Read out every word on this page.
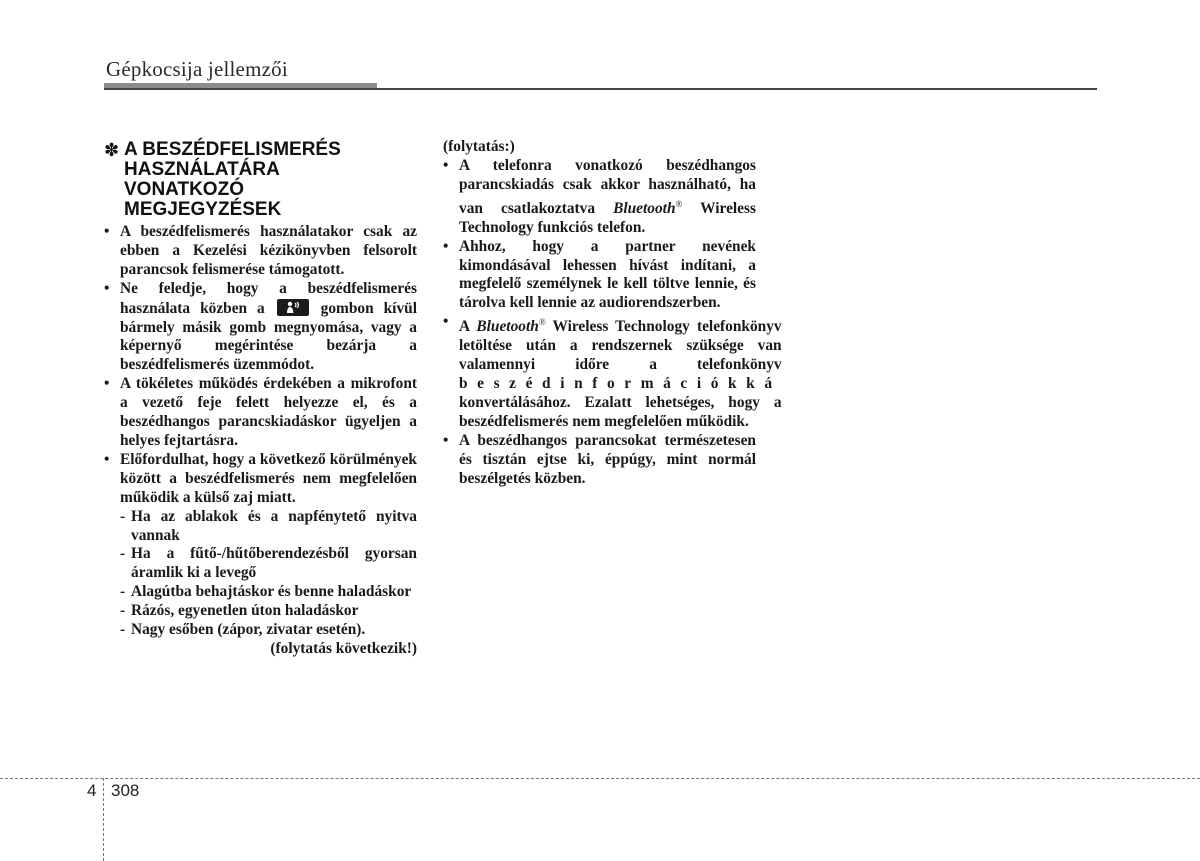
Gépkocsija jellemzői
✽ A BESZÉDFELISMERÉS HASZNÁLATÁRA VONATKOZÓ MEGJEGYZÉSEK
• A beszédfelismerés használatakor csak az ebben a Kezelési kézikönyvben felsorolt parancsok felismerése támogatott.
• Ne feledje, hogy a beszédfelismerés használata közben a	gombon kívül bármely másik gomb megnyomása, vagy a képernyő megérintése bezárja a beszédfelismerés üzemmódot.
• A tökéletes működés érdekében a mikrofont a vezető feje felett helyezze el, és a beszédhangos parancskiadáskor ügyeljen a helyes fejtartásra.
• Előfordulhat, hogy a következő körülmények között a beszédfelismerés nem megfelelően működik a külső zaj miatt.
- Ha az ablakok és a napfénytető nyitva vannak
- Ha a fűtő-/hűtőberendezésből gyorsan áramlik ki a levegő
- Alagútba behajtáskor és benne haladáskor
- Rázós, egyenetlen úton haladáskor
- Nagy esőben (zápor, zivatar esetén).
(folytatás következik!)
(folytatás:)
• A telefonra vonatkozó beszédhangos parancskiadás csak akkor használható, ha van csatlakoztatva Bluetooth® Wireless Technology funkciós telefon.
• Ahhoz, hogy a partner nevének kimondásával lehessen hívást indítani, a megfelelő személynek le kell töltve lennie, és tárolva kell lennie az audiorendszerben.
• A Bluetooth® Wireless Technology telefonkönyv letöltése után a rendszernek szüksége van valamennyi időre a telefonkönyv beszédinformációkká konvertálásához. Ezalatt lehetséges, hogy a beszédfelismerés nem megfelelően működik.
• A beszédhangos parancsokat természetesen és tisztán ejtse ki, éppúgy, mint normál beszélgetés közben.
4 308
